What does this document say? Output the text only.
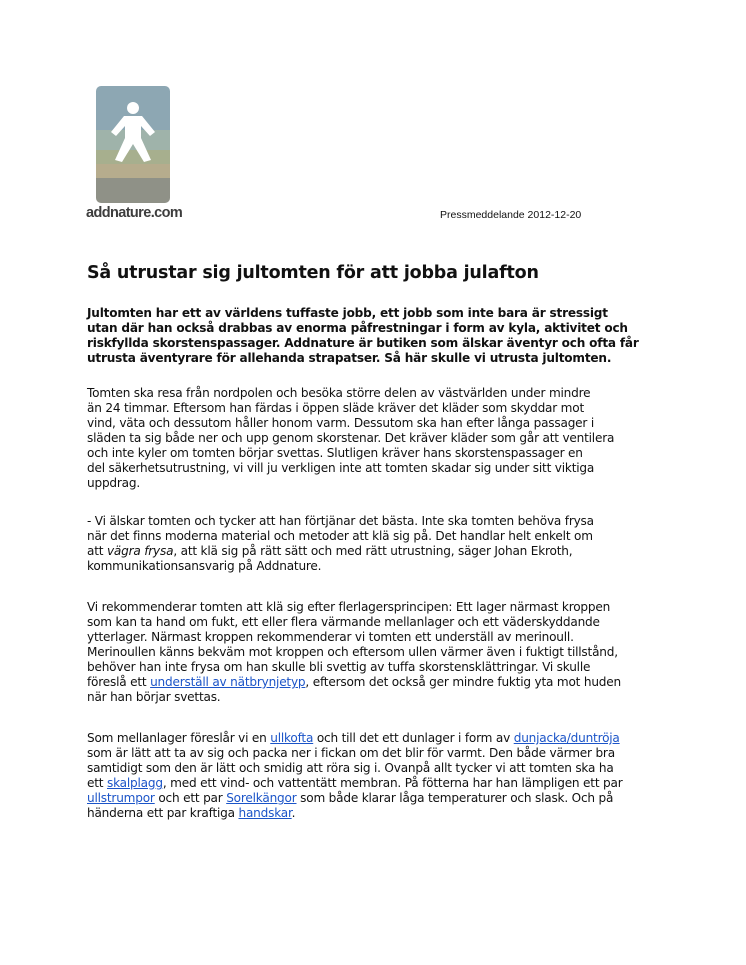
addnature.com	Pressmeddelande 2012-12-20
Så utrustar sig jultomten för att jobba julafton
Jultomten har ett av världens tuffaste jobb, ett jobb som inte bara är stressigt
utan där han också drabbas av enorma påfrestningar i form av kyla, aktivitet och
riskfyllda skorstenspassager. Addnature är butiken som älskar äventyr och ofta får
utrusta äventyrare för allehanda strapatser. Så här skulle vi utrusta jultomten.
Tomten ska resa från nordpolen och besöka större delen av västvärlden under mindre
än 24 timmar. Eftersom han färdas i öppen släde kräver det kläder som skyddar mot
vind, väta och dessutom håller honom varm. Dessutom ska han efter långa passager i
släden ta sig både ner och upp genom skorstenar. Det kräver kläder som går att ventilera
och inte kyler om tomten börjar svettas. Slutligen kräver hans skorstenspassager en
del säkerhetsutrustning, vi vill ju verkligen inte att tomten skadar sig under sitt viktiga
uppdrag.
- Vi älskar tomten och tycker att han förtjänar det bästa. Inte ska tomten behöva frysa
när det finns moderna material och metoder att klä sig på. Det handlar helt enkelt om
att vägra frysa, att klä sig på rätt sätt och med rätt utrustning, säger Johan Ekroth,
kommunikationsansvarig på Addnature.
Vi rekommenderar tomten att klä sig efter flerlagersprincipen: Ett lager närmast kroppen
som kan ta hand om fukt, ett eller flera värmande mellanlager och ett väderskyddande
ytterlager. Närmast kroppen rekommenderar vi tomten ett underställ av merinoull.
Merinoullen känns bekväm mot kroppen och eftersom ullen värmer även i fuktigt tillstånd,
behöver han inte frysa om han skulle bli svettig av tuffa skorstensklättringar. Vi skulle
föreslå ett underställ av nätbrynjetyp, eftersom det också ger mindre fuktig yta mot huden
när han börjar svettas.
Som mellanlager föreslår vi en ullkofta och till det ett dunlager i form av dunjacka/duntröja
som är lätt att ta av sig och packa ner i fickan om det blir för varmt. Den både värmer bra
samtidigt som den är lätt och smidig att röra sig i. Ovanpå allt tycker vi att tomten ska ha
ett skalplagg, med ett vind- och vattentätt membran. På fötterna har han lämpligen ett par
ullstrumpor och ett par Sorelkängor som både klarar låga temperaturer och slask. Och på
händerna ett par kraftiga handskar.
